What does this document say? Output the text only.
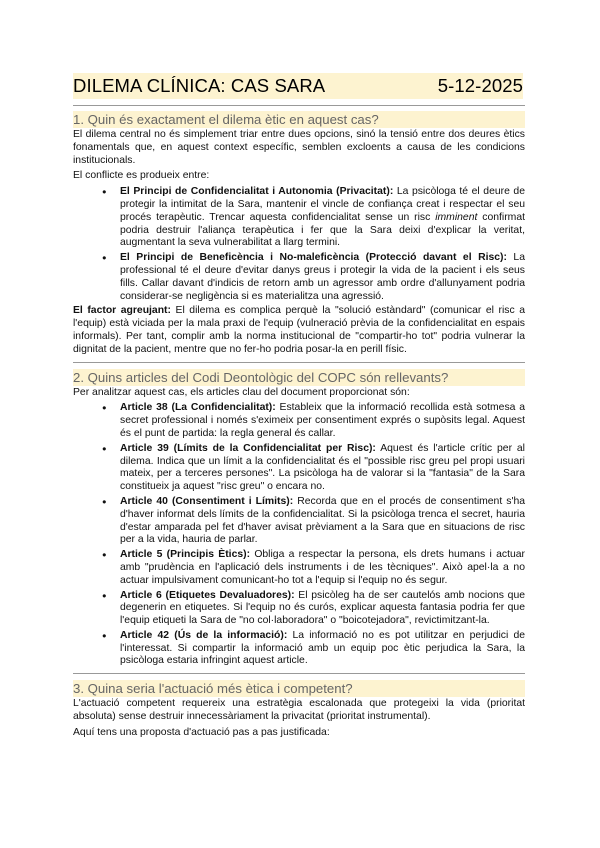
DILEMA CLÍNICA: CAS SARA	5-12-2025
1. Quin és exactament el dilema ètic en aquest cas?

El dilema central no és simplement triar entre dues opcions, sinó la tensió entre dos deures ètics fonamentals que, en aquest context específic, semblen excloents a causa de les condicions institucionals.

El conflicte es produeix entre:

● El Principi de Confidencialitat i Autonomia (Privacitat): La psicòloga té el deure de protegir la intimitat de la Sara, mantenir el vincle de confiança creat i respectar el seu procés terapèutic. Trencar aquesta confidencialitat sense un risc imminent confirmat podria destruir l'aliança terapèutica i fer que la Sara deixi d'explicar la veritat, augmentant la seva vulnerabilitat a llarg termini.
● El Principi de Beneficència i No-maleficència (Protecció davant el Risc): La professional té el deure d'evitar danys greus i protegir la vida de la pacient i els seus fills. Callar davant d'indicis de retorn amb un agressor amb ordre d'allunyament podria considerar-se negligència si es materialitza una agressió.

El factor agreujant: El dilema es complica perquè la "solució estàndard" (comunicar el risc a l'equip) està viciada per la mala praxi de l'equip (vulneració prèvia de la confidencialitat en espais informals). Per tant, complir amb la norma institucional de "compartir-ho tot" podria vulnerar la dignitat de la pacient, mentre que no fer-ho podria posar-la en perill físic.

2. Quins articles del Codi Deontològic del COPC són rellevants?

Per analitzar aquest cas, els articles clau del document proporcionat són:

● Article 38 (La Confidencialitat): Estableix que la informació recollida està sotmesa a secret professional i només s'eximeix per consentiment exprés o supòsits legal. Aquest és el punt de partida: la regla general és callar.
● Article 39 (Límits de la Confidencialitat per Risc): Aquest és l'article crític per al dilema. Indica que un límit a la confidencialitat és el "possible risc greu pel propi usuari mateix, per a terceres persones". La psicòloga ha de valorar si la "fantasia" de la Sara constitueix ja aquest "risc greu" o encara no.
● Article 40 (Consentiment i Límits): Recorda que en el procés de consentiment s'ha d'haver informat dels límits de la confidencialitat. Si la psicòloga trenca el secret, hauria d'estar amparada pel fet d'haver avisat prèviament a la Sara que en situacions de risc per a la vida, hauria de parlar.
● Article 5 (Principis Ètics): Obliga a respectar la persona, els drets humans i actuar amb "prudència en l'aplicació dels instruments i de les tècniques". Això apel·la a no actuar impulsivament comunicant-ho tot a l'equip si l'equip no és segur.
● Article 6 (Etiquetes Devaluadores): El psicòleg ha de ser cautelós amb nocions que degenerin en etiquetes. Si l'equip no és curós, explicar aquesta fantasia podria fer que l'equip etiqueti la Sara de "no col·laboradora" o "boicotejadora", revictimitzant-la.
● Article 42 (Ús de la informació): La informació no es pot utilitzar en perjudici de l'interessat. Si compartir la informació amb un equip poc ètic perjudica la Sara, la psicòloga estaria infringint aquest article.
3. Quina seria l'actuació més ètica i competent?

L'actuació competent requereix una estratègia escalonada que protegeixi la vida (prioritat absoluta) sense destruir innecessàriament la privacitat (prioritat instrumental).

Aquí tens una proposta d'actuació pas a pas justificada:
